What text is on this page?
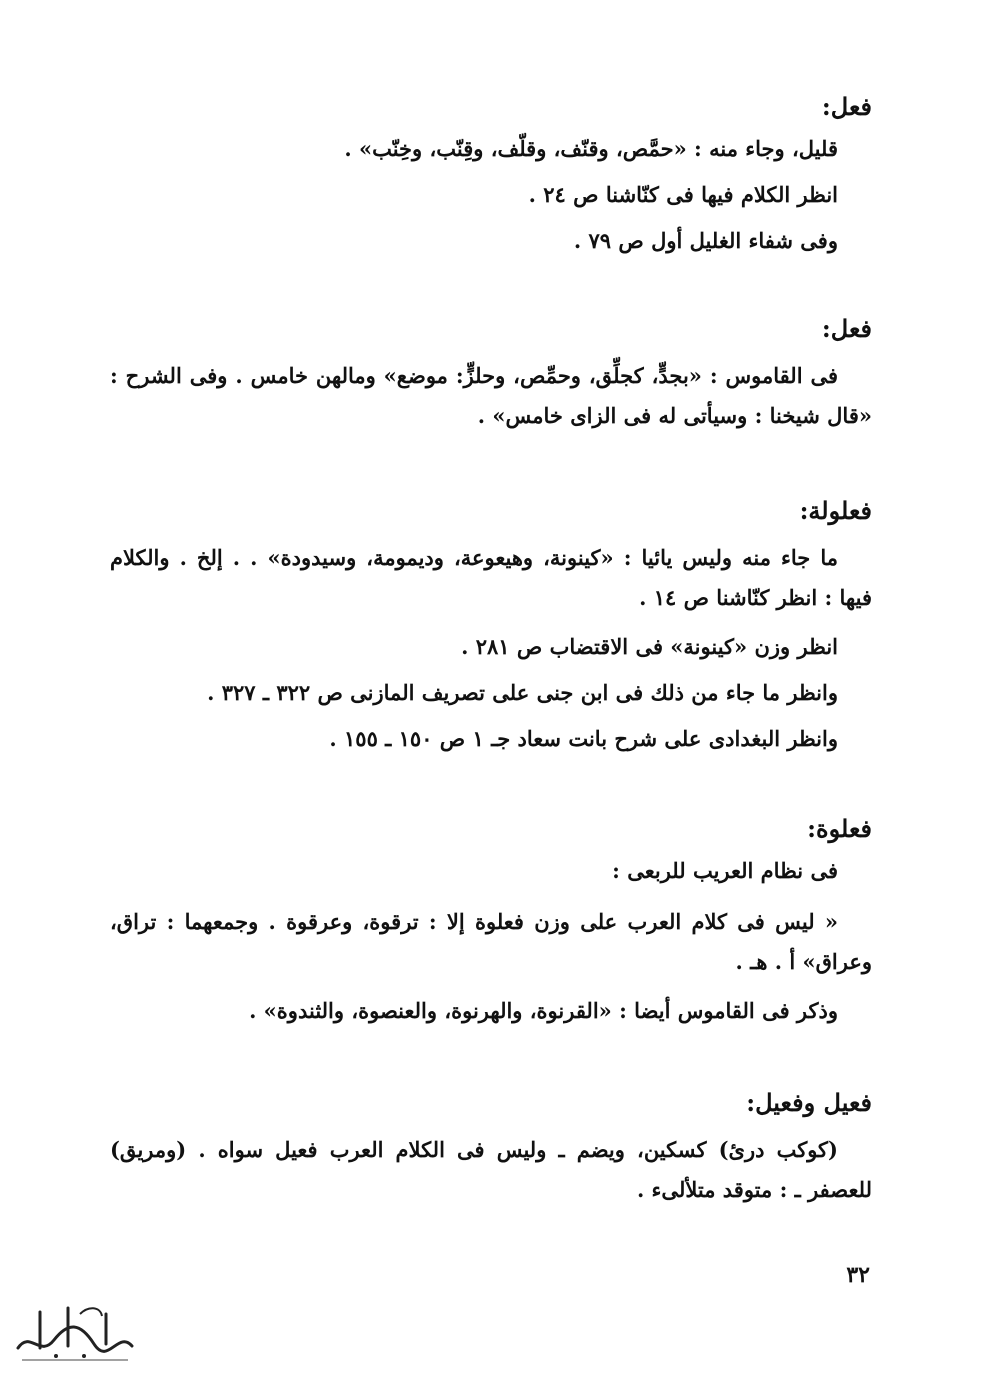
فعل:
قليل، وجاء منه : «حمَّص، وقنّف، وقلّف، وقِنّب، وخِنّب» .
انظر الكلام فيها فى كنّاشنا ص ٢٤ .
وفى شفاء الغليل أول ص ٧٩ .
فعل:
فى القاموس : «بجدٍّ، كجلِّق، وحمِّص، وحلزٍّ: موضع» ومالهن خامس . وفى الشرح : «قال شيخنا : وسيأتى له فى الزاى خامس» .
فعلولة:
ما جاء منه وليس يائيا : «كينونة، وهيعوعة، وديمومة، وسيدودة» . . إلخ . والكلام فيها : انظر كنّاشنا ص ١٤ .
انظر وزن «كينونة» فى الاقتضاب ص ٢٨١ .
وانظر ما جاء من ذلك فى ابن جنى على تصريف المازنى ص ٣٢٢ ـ ٣٢٧ .
وانظر البغدادى على شرح بانت سعاد جـ ١ ص ١٥٠ ـ ١٥٥ .
فعلوة:
فى نظام العريب للربعى :
« ليس فى كلام العرب على وزن فعلوة إلا : ترقوة، وعرقوة . وجمعهما : تراق، وعراق» أ . هـ .
وذكر فى القاموس أيضا : «القرنوة، والهرنوة، والعنصوة، والثندوة» .
فعيل وفعيل:
(كوكب درئ) كسكين، ويضم ـ وليس فى الكلام العرب فعيل سواه . (ومريق) للعصفر ـ : متوقد متلألىء .
٣٢
